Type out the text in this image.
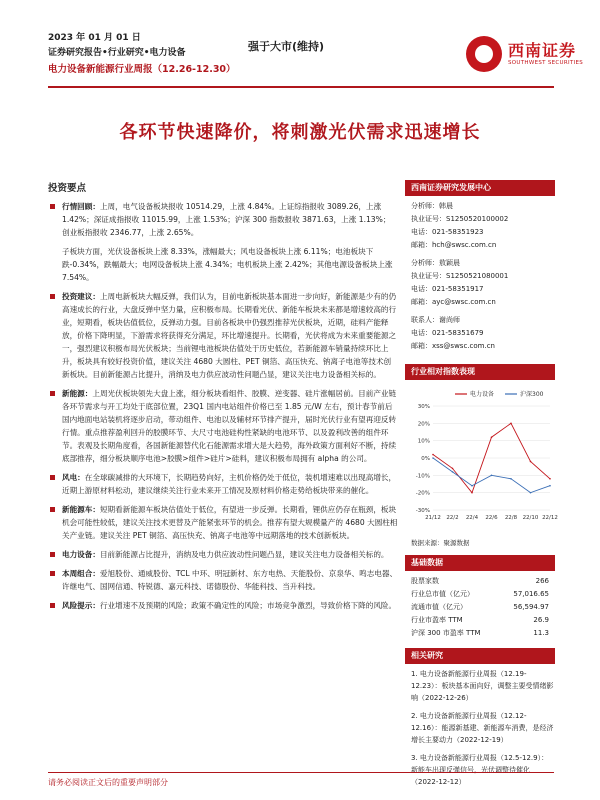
2023 年 01 月 01 日
证券研究报告•行业研究•电力设备
电力设备新能源行业周报（12.26-12.30）
强于大市(维持)	西南证券
SOUTHWEST SECURITIES
各环节快速降价，将刺激光伏需求迅速增长
投资要点
行情回顾：上周，电气设备板块报收 10514.29，上涨 4.84%。上证综指报收 3089.26，上涨 1.42%；深证成指报收 11015.99，上涨 1.53%；沪深 300 指数报收 3871.63，上涨 1.13%；创业板指报收 2346.77，上涨 2.65%。
子板块方面，光伏设备板块上涨 8.33%，涨幅最大；风电设备板块上涨 6.11%；电池板块下跌-0.34%，跌幅最大；电网设备板块上涨 4.34%；电机板块上涨 2.42%；其他电源设备板块上涨 7.54%。
投资建议：上周电新板块大幅反弹，我们认为，目前电新板块基本面进一步向好，新能源是少有的仍高速成长的行业，大盘反弹中坚力量，应积极布局。长期看光伏、新能车板块未来都是增速较高的行业，短期看，板块估值低位，反弹动力强。目前各板块中仍强烈推荐光伏板块，近期，硅料产能释放，价格下降明显，下游需求将获得充分满足，环比增速提升。长期看，光伏将成为未来重要能源之一，强烈建议积极布局光伏板块；当前锂电池板块估值处于历史低位，若新能源车销量持续环比上升，板块具有较好投资价值，建议关注 4680 大圆柱、PET 铜箔、高压快充、钠离子电池等技术创新板块。目前新能源占比提升，消纳及电力供应波动性问题凸显，建议关注电力设备相关标的。
新能源：上周光伏板块领先大盘上涨，细分板块看组件、胶膜、逆变器、硅片涨幅居前。目前产业链各环节需求与开工均处于底部位置，23Q1 国内电站组件价格已至 1.85 元/W 左右，预计春节前后国内地面电站装机将逐步启动，带动组件、电池以及辅材环节排产提升，届时光伏行业有望再迎反转行情。重点推荐盈利回升的胶膜环节、大尺寸电池硅构性紧缺的电池环节、以及盈利改善的组件环节。表观及长期角度看，各国新能源替代化石能源需求增大是大趋势，海外政策方面利好不断，持续底部推荐，细分板块顺序电池>胶膜>组件>硅片>硅料，建议积极布局拥有 alpha 的公司。
风电：在全球碳减排的大环境下，长期趋势向好，主机价格仍处于低位，装机增速难以出现高增长，近期上游原材料松动，建议继续关注行业未来开工情况及原材料价格走势给板块带来的催化。
新能源车：短期看新能源车板块估值处于低位，有望进一步反弹。长期看，锂供应仍存在瓶颈，板块机会可能性较低，建议关注技术更替及产能紧张环节的机会。推荐有望大规模量产的 4680 大圆柱相关产业链。建议关注 PET 铜箔、高压快充、钠离子电池等中远期落地的技术创新板块。
电力设备：目前新能源占比提升，消纳及电力供应波动性问题凸显，建议关注电力设备相关标的。
本周组合：爱旭股份、通威股份、TCL 中环、明冠新材、东方电热、天能股份、京泉华、鸣志电器、许继电气、国网信通、特锐德、嘉元科技、诺德股份、华能科技、当升科技。
风险提示：行业增速不及预期的风险；政策不确定性的风险；市场竞争激烈，导致价格下降的风险。
西南证券研究发展中心
分析师：韩晨
执业证号：S1250520100002
电话：021-58351923
邮箱：hch@swsc.com.cn
分析师：敖颖晨
执业证号：S1250521080001
电话：021-58351917
邮箱：ayc@swsc.com.cn
联系人：谢尚师
电话：021-58351679
邮箱：xss@swsc.com.cn
行业相对指数表现
30%
20%
10%
0%
-10%
-20%
-30%
21/12 22/2 22/4 22/6 22/8 22/10 22/12
电力设备	沪深300
数据来源：聚源数据
基础数据
股票家数	266
行业总市值（亿元）	57,016.65
流通市值（亿元）	56,594.97
行业市盈率 TTM	26.9
沪深 300 市盈率 TTM	11.3
相关研究
1. 电力设备新能源行业周报（12.19-12.23）：板块基本面向好，调整主要受情绪影响（2022-12-26）
2. 电力设备新能源行业周报（12.12-12.16）：能源新基建、新能源车消费，是经济增长主要动力（2022-12-19）
3. 电力设备新能源行业周报（12.5-12.9）：新能车出现反弹信号，光伏调整待催化（2022-12-12）
请务必阅读正文后的重要声明部分
